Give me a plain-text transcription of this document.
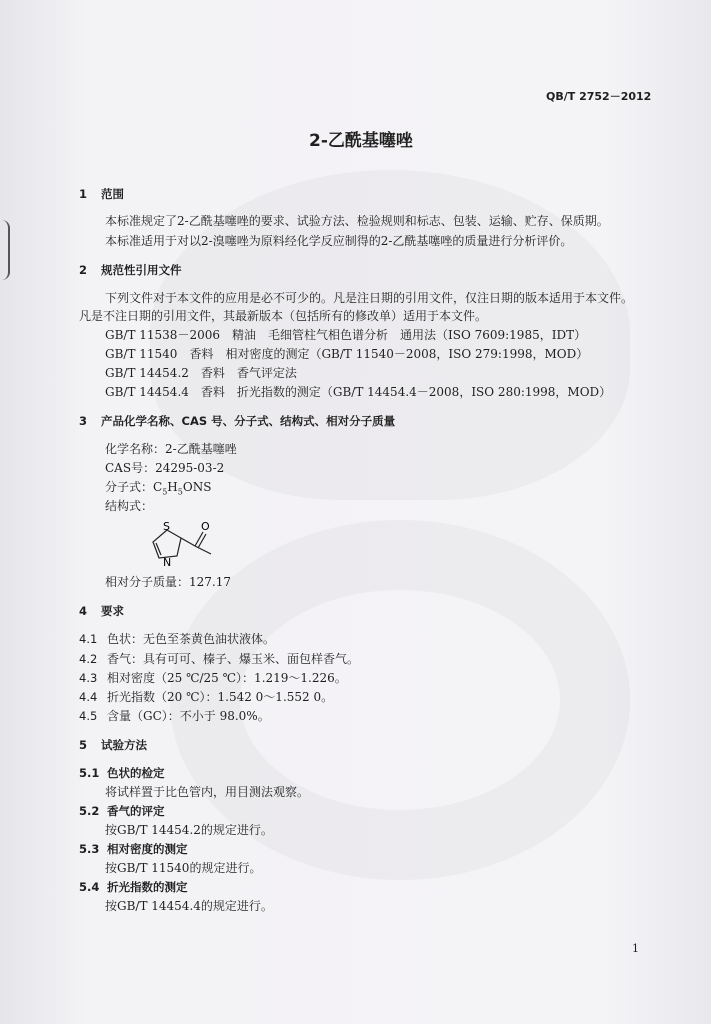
QB/T 2752－2012
2-乙酰基噻唑
1 范围
本标准规定了2-乙酰基噻唑的要求、试验方法、检验规则和标志、包装、运输、贮存、保质期。
本标准适用于对以2-溴噻唑为原料经化学反应制得的2-乙酰基噻唑的质量进行分析评价。
2 规范性引用文件
下列文件对于本文件的应用是必不可少的。凡是注日期的引用文件，仅注日期的版本适用于本文件。
凡是不注日期的引用文件，其最新版本（包括所有的修改单）适用于本文件。
GB/T 11538－2006　精油　毛细管柱气相色谱分析　通用法（ISO 7609:1985，IDT）
GB/T 11540　香料　相对密度的测定（GB/T 11540－2008，ISO 279:1998，MOD）
GB/T 14454.2　香料　香气评定法
GB/T 14454.4　香料　折光指数的测定（GB/T 14454.4－2008，ISO 280:1998，MOD）
3 产品化学名称、CAS 号、分子式、结构式、相对分子质量
化学名称：2-乙酰基噻唑
CAS号：24295-03-2
分子式：$C_5H_5ONS$
结构式：
S
N
O
相对分子质量：127.17
4 要求
4.1 色状：无色至茶黄色油状液体。
4.2 香气：具有可可、榛子、爆玉米、面包样香气。
4.3 相对密度（25 ℃/25 ℃）：1.219～1.226。
4.4 折光指数（20 ℃）：1.542 0～1.552 0。
4.5 含量（GC）：不小于 98.0%。
5 试验方法
5.1 色状的检定
将试样置于比色管内，用目测法观察。
5.2 香气的评定
按GB/T 14454.2的规定进行。
5.3 相对密度的测定
按GB/T 11540的规定进行。
5.4 折光指数的测定
按GB/T 14454.4的规定进行。
1
